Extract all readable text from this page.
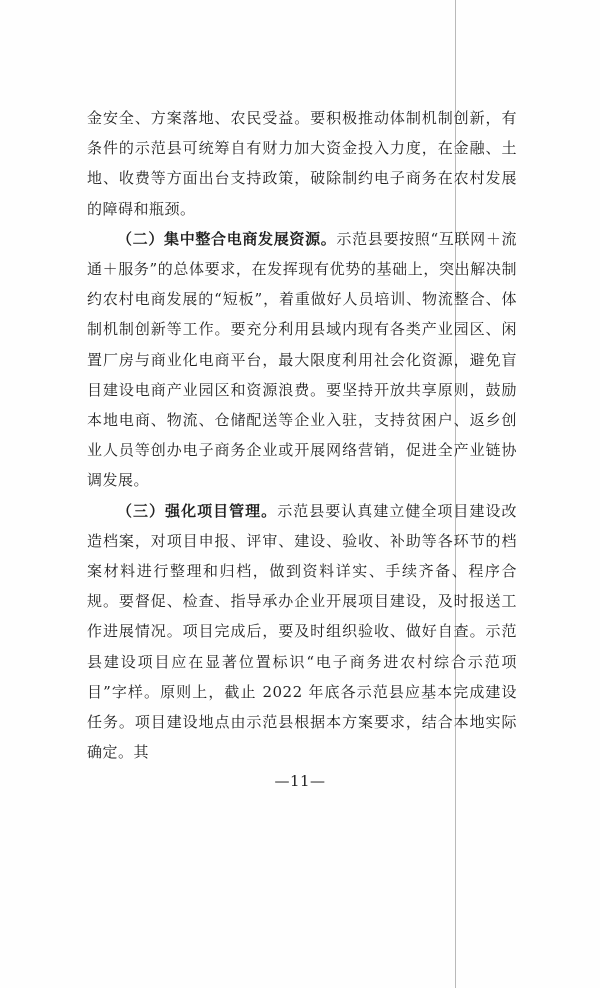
金安全、方案落地、农民受益。要积极推动体制机制创新，有条件的示范县可统筹自有财力加大资金投入力度，在金融、土地、收费等方面出台支持政策，破除制约电子商务在农村发展的障碍和瓶颈。

（二）集中整合电商发展资源。示范县要按照“互联网＋流通＋服务”的总体要求，在发挥现有优势的基础上，突出解决制约农村电商发展的“短板”，着重做好人员培训、物流整合、体制机制创新等工作。要充分利用县域内现有各类产业园区、闲置厂房与商业化电商平台，最大限度利用社会化资源，避免盲目建设电商产业园区和资源浪费。要坚持开放共享原则，鼓励本地电商、物流、仓储配送等企业入驻，支持贫困户、返乡创业人员等创办电子商务企业或开展网络营销，促进全产业链协调发展。

（三）强化项目管理。示范县要认真建立健全项目建设改造档案，对项目申报、评审、建设、验收、补助等各环节的档案材料进行整理和归档，做到资料详实、手续齐备、程序合规。要督促、检查、指导承办企业开展项目建设，及时报送工作进展情况。项目完成后，要及时组织验收、做好自查。示范县建设项目应在显著位置标识“电子商务进农村综合示范项目”字样。原则上，截止 2022 年底各示范县应基本完成建设任务。项目建设地点由示范县根据本方案要求，结合本地实际确定。其

—11—
